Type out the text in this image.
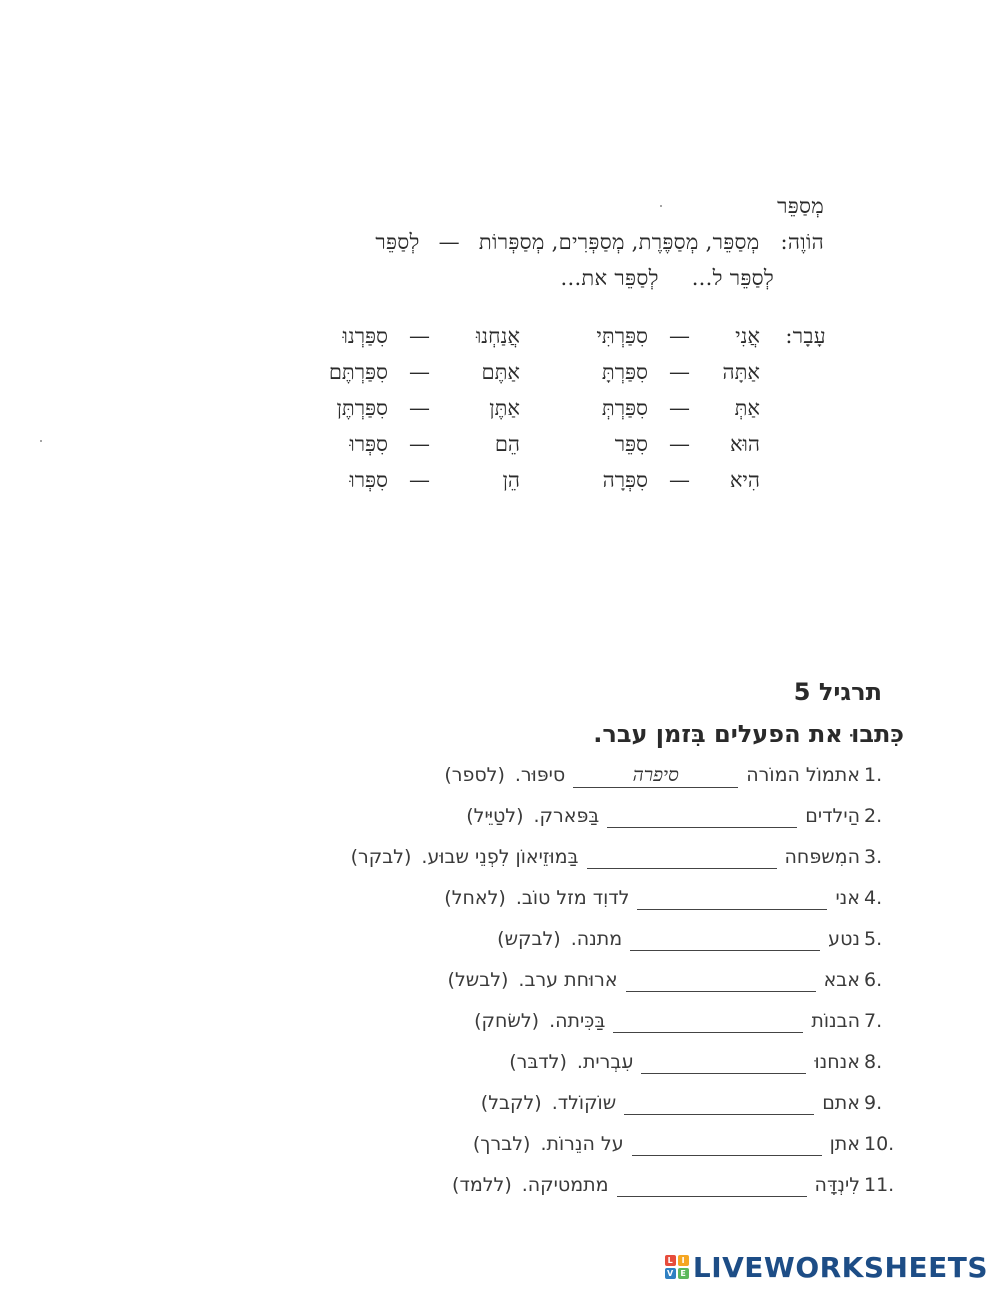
מְסַפֵּר
הוֹוֶה: מְסַפֵּר, מְסַפֶּרֶת, מְסַפְּרִים, מְסַפְּרוֹת — לְסַפֵּר
לְסַפֵּר ל... לְסַפֵּר את...
עָבָר:
אֲנִי
—
סִפַּרְתִּי
אֲנַחְנוּ
—
סִפַּרְנוּ
אַתָּה
—
סִפַּרְתָּ
אַתֶּם
—
סִפַּרְתֶּם
אַתְּ
—
סִפַּרְתְּ
אַתֶּן
—
סִפַּרְתֶּן
הוּא
—
סִפֵּר
הֵם
—
סִפְּרוּ
הִיא
—
סִפְּרָה
הֵן
—
סִפְּרוּ
תרגיל 5
כִּתבוּ את הפעלים בִּזמן עבר.
1.
אתמוֹל המוֹרהסיפרהסיפּוּר.(לספר)
2.
הַילדיםבַּפּארק.(לטַיֵּיל)
3.
המִשפּחהבַּמוּזֵיאוֹן לִפְנֵי שבוּע.(לבקר)
4.
אנילדוִד מזל טוֹב.(לאחל)
5.
נטעמתנה.(לבקש)
6.
אבאארוּחת ערב.(לבשל)
7.
הבנוֹתבַּכִּיתה.(לשׂחק)
8.
אנחנוּעִבְרית.(לדבּר)
9.
אתםשוֹקוֹלד.(לקבל)
10.
אתןעל הנֵרוֹת.(לברך)
11.
לִינְדָּהמתמטיקה.(ללמד)
L	I
V E LIVEWORKSHEETS
